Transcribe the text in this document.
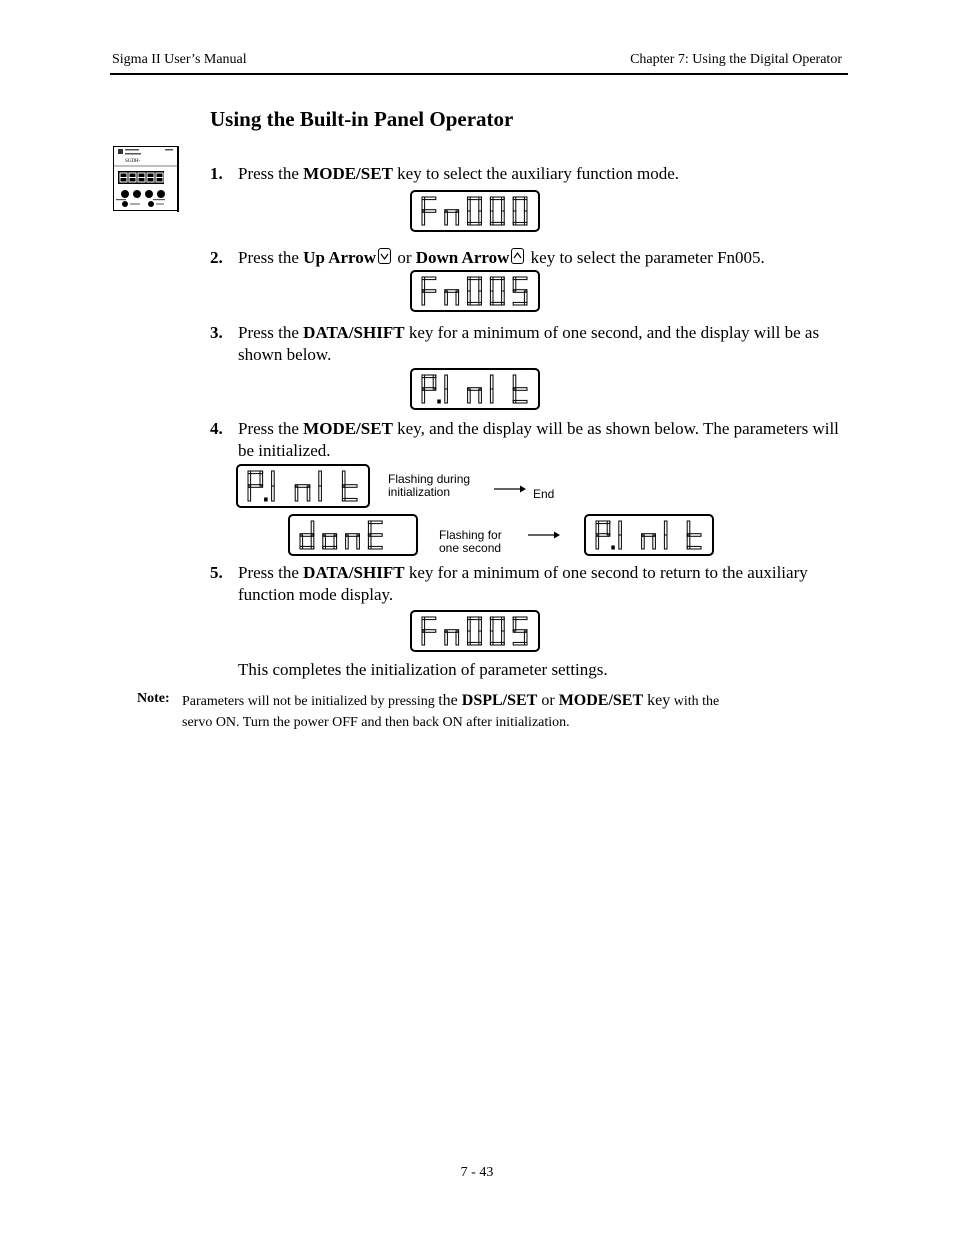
Sigma II User’s Manual	Chapter 7: Using the Digital Operator
Using the Built-in Panel Operator
SGDH-
1. Press the MODE/SET key to select the auxiliary function mode.
2. Press the Up Arrow
or Down Arrow
key to select the parameter Fn005.
3. Press the DATA/SHIFT key for a minimum of one second, and the display will be as shown below.
4. Press the MODE/SET key, and the display will be as shown below. The parameters will be initialized.
Flashing during
initialization	End
Flashing for
one second
5. Press the DATA/SHIFT key for a minimum of one second to return to the auxiliary function mode display.
This completes the initialization of parameter settings.
Note: Parameters will not be initialized by pressing the DSPL/SET or MODE/SET key with the
servo ON. Turn the power OFF and then back ON after initialization.
7 - 43
